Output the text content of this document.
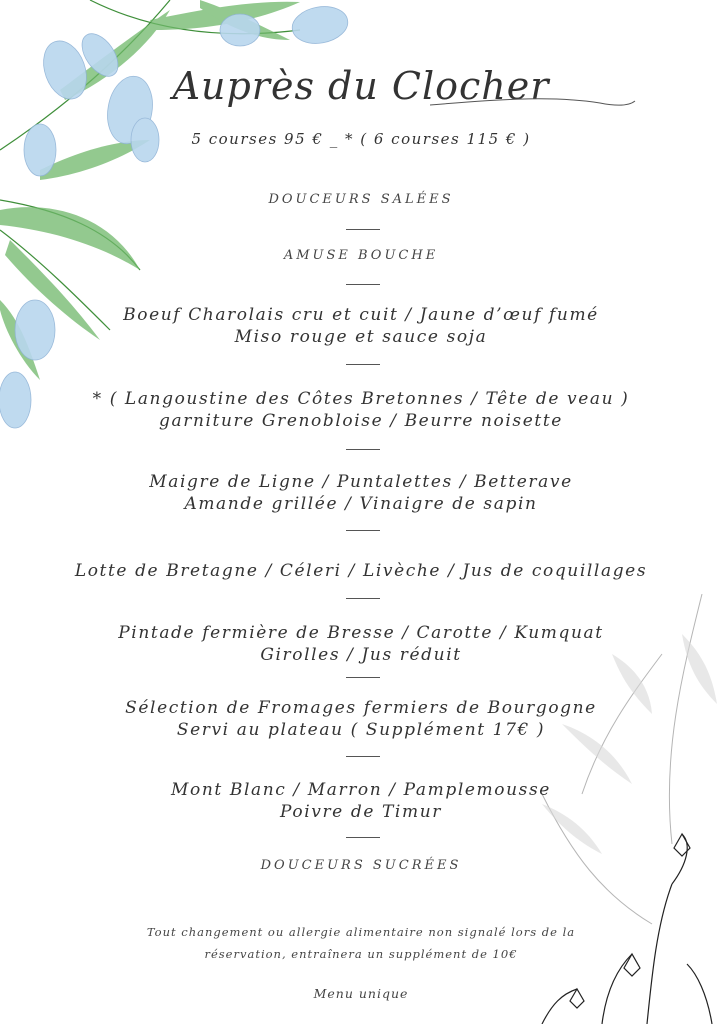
Auprès du Clocher
5 courses 95 € _ * ( 6 courses 115 € )
DOUCEURS SALÉES
AMUSE BOUCHE
Boeuf Charolais cru et cuit / Jaune d’œuf fumé
Miso rouge et sauce soja
* ( Langoustine des Côtes Bretonnes / Tête de veau )
garniture Grenobloise / Beurre noisette
Maigre de Ligne / Puntalettes / Betterave
Amande grillée / Vinaigre de sapin
Lotte de Bretagne / Céleri / Livèche / Jus de coquillages
Pintade fermière de Bresse / Carotte / Kumquat
Girolles / Jus réduit
Sélection de Fromages fermiers de Bourgogne
Servi au plateau ( Supplément 17€ )
Mont Blanc / Marron / Pamplemousse
Poivre de Timur
DOUCEURS SUCRÉES
Tout changement ou allergie alimentaire non signalé lors de la
réservation, entraînera un supplément de 10€
Menu unique
